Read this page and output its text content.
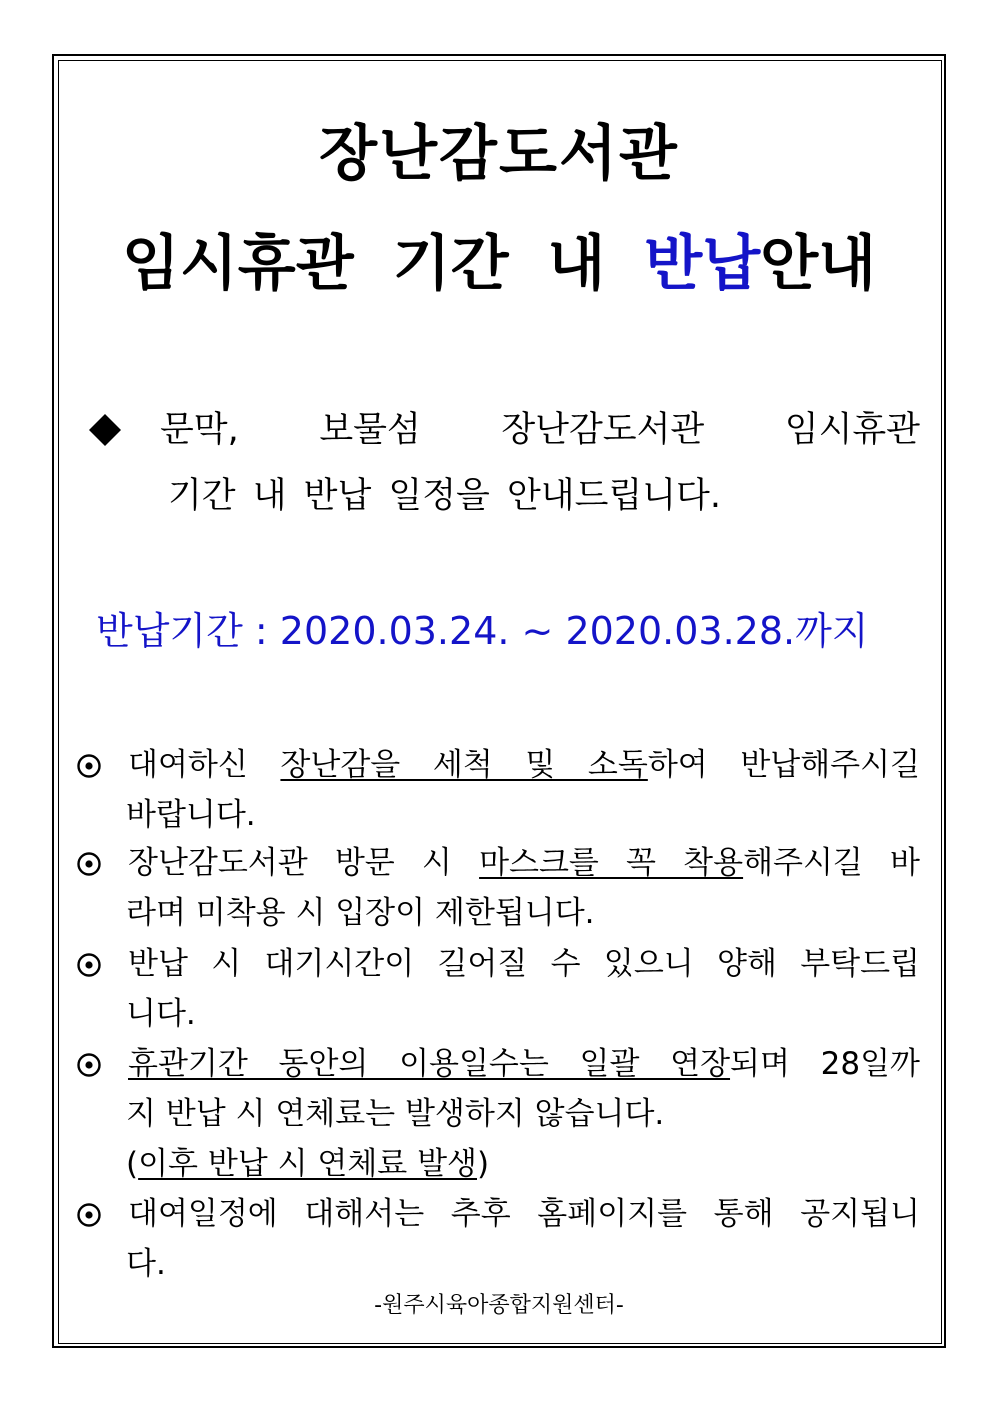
장난감도서관
임시휴관 기간 내 반납안내
문막, 보물섬 장난감도서관 임시휴관
기간 내 반납 일정을 안내드립니다.
반납기간 : 2020.03.24. ~ 2020.03.28.까지
대여하신 장난감을 세척 및 소독하여 반납해주시길
바랍니다.
장난감도서관 방문 시 마스크를 꼭 착용해주시길 바
라며 미착용 시 입장이 제한됩니다.
반납 시 대기시간이 길어질 수 있으니 양해 부탁드립
니다.
휴관기간 동안의 이용일수는 일괄 연장되며 28일까
지 반납 시 연체료는 발생하지 않습니다.
(이후 반납 시 연체료 발생)
대여일정에 대해서는 추후 홈페이지를 통해 공지됩니
다.
-원주시육아종합지원센터-
